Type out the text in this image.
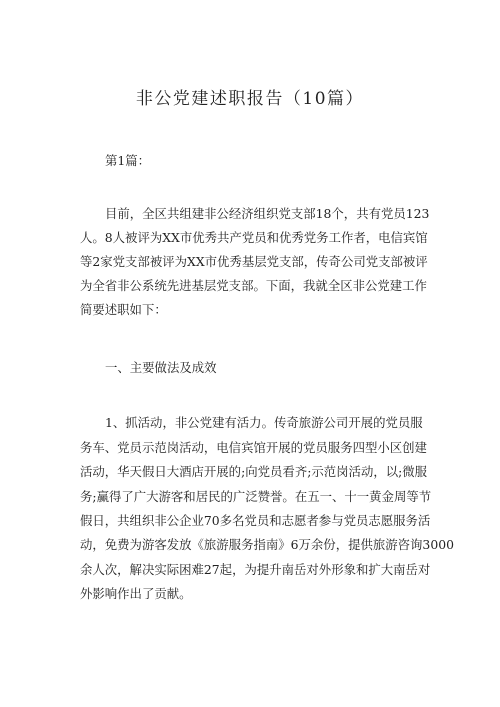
非公党建述职报告（10篇）
第1篇：
目前，全区共组建非公经济组织党支部18个，共有党员123
人。8人被评为XX市优秀共产党员和优秀党务工作者，电信宾馆
等2家党支部被评为XX市优秀基层党支部，传奇公司党支部被评
为全省非公系统先进基层党支部。下面，我就全区非公党建工作
简要述职如下：
一、主要做法及成效
1、抓活动，非公党建有活力。传奇旅游公司开展的党员服
务车、党员示范岗活动，电信宾馆开展的党员服务四型小区创建
活动，华天假日大酒店开展的;向党员看齐;示范岗活动，以;微服
务;赢得了广大游客和居民的广泛赞誉。在五一、十一黄金周等节
假日，共组织非公企业70多名党员和志愿者参与党员志愿服务活
动，免费为游客发放《旅游服务指南》6万余份，提供旅游咨询3000
余人次，解决实际困难27起，为提升南岳对外形象和扩大南岳对
外影响作出了贡献。
